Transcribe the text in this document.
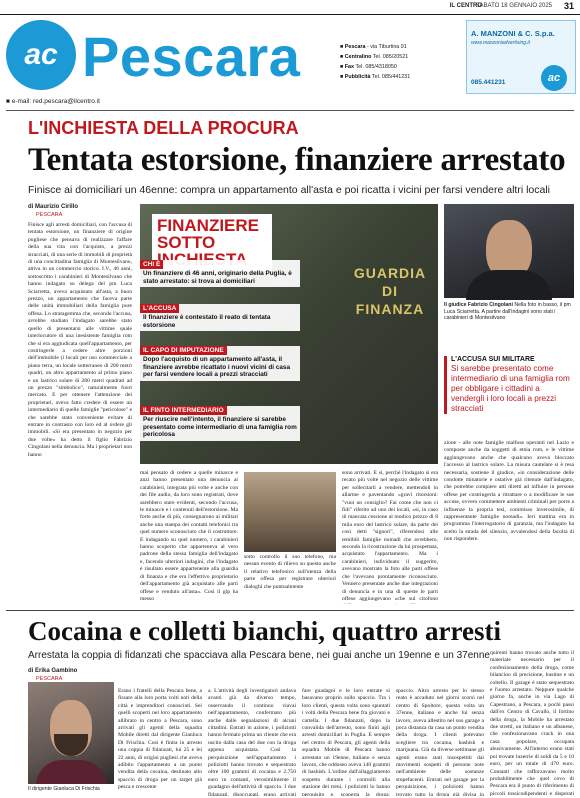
IL CENTRO
SABATO 18 GENNAIO 2025 31
ac Pescara	■ Pescara - via Tiburtina 91
■ Centralino Tel. 085/20521
■ Fax Tel. 085/4318050
■ Pubblicità Tel. 085/441231
A. MANZONI & C. S.p.a.
www.manzoniadvertising.it
085.441231	ac
■ e-mail: red.pescara@ilcentro.it
L'INCHIESTA DELLA PROCURA
Tentata estorsione, finanziere arrestato
Finisce ai domiciliari un 46enne: compra un appartamento all'asta e poi ricatta i vicini per farsi vendere altri locali
di Maurizio Cirillo
PESCARA
Finisce agli arresti domiciliari, con l'accusa di tentata estorsione, un finanziere di origine pugliese che pensava di realizzare l'affare della sua vita con l'acquisto, a prezzi stracciati, di una serie di immobili di proprietà di una concittadina famiglia di Montesilvano, attiva in un commercio storico. I.V., 46 anni, sottoscritto i carabinieri di Montesilvano che hanno indagato su delega del pm Luca Sciarretta, aveva acquistato all'asta, a buon prezzo, un appartamento che faceva parte delle unità immobiliari della famiglia pure offesa. Lo stratagemma che, secondo l'accusa, avrebbe studiato l'indagato sarebbe stato quello di presentarsi alle vittime quale interlocutore di una inesistente famiglia rom che si era aggiudicata quell'appartamento, per costringerle a cedere altre porzioni dell'immobile (i locali per uso commerciale a piano terra, un locale sotterraneo di 200 metri quadri, un altro appartamento al primo piano e un lastrico solare di 280 metri quadrati ad un prezzo "simbolico", naturalmente fuori mercato. E per ottenere l'attenzione dei proprietari, aveva fatto credere di essere un intermediario di quelle famiglie "pericolose" e che sarebbe stato conveniente evitare di entrare in contrasto con loro ed al ordere gli immobili. «Si era presentato in negozio per due volte» ha detto il figlio Fabrizio Cingolani nella denuncia. Ma i proprietari non hanno
FINANZIERE SOTTO
GUARDIA DI FINANZA
CHI È
Un finanziere di 46 anni, originario della Puglia, è stato arrestato: si trova ai domiciliari
L'ACCUSA
Il finanziere è contestato il reato di tentata estorsione
IL CAPO DI IMPUTAZIONE
Dopo l'acquisto di un appartamento all'asta, il finanziere avrebbe ricattato i nuovi vicini di casa per farsi vendere locali a prezzi stracciati
IL FINTO INTERMEDIARIO
Per riuscire nell'intento, il finanziere si sarebbe presentato come intermediario di una famiglia rom pericolosa
Il giudice Fabrizio Cingolani Nella foto in basso, il pm Luca Sciarretta. A partire dall'indagini sono stati i carabinieri di Montesilvano
L'ACCUSA SUI MILITARE
Si sarebbe presentato come intermediario di una famiglia rom per obbligare i cittadini a vendergli i loro locali a prezzi stracciati
zione - alle note famiglie malfose operanti nel Lazio e composte anche da soggetti di etnia rom, e le vittime agglungevano anche che qualcuno aveva bloccato l'accesso al lastrico solare. La misura cautelare si è resa necessaria, sostiene il giudice, «in considerazione delle condotte minatorie e ostative già ritenute dall'indagato, che potrebbe compiere atti diretti ad influire in persone offese per costringerla a ritrattare o a modificare le sue accuse, ovvero commettere ambienti criminali per porre a influenze la propria tesi, commisso inverosimile, di rappresentante famiglie nomadi». Ieri mattina era in programma l'interrogatorio di garanzia, ma l'indagato ha scelto la strada del silenzio, avvalendosi della facoltà di non rispondere.
mai pensato di cedere a quelle minacce e anzi hanno presentato una denuncia ai carabinieri, integrata più volte e anche con dei file audio, da loro sono registrati, dove sarebbero stare evidenti, secondo l'accusa, le minacce e i contenuti dell'estorsione. Ma forte anche di più, consegnarono ai militari anche una stampa dei contatti telefonici tra quel numero sconosciuto che il costruttore. E indagando su quel numero, i carabinieri hanno scoperto che apparteneva al vero padrone della stessa famiglia dell'indagato e, facendo ulteriori indagini, che l'indagato è risultato essere appartenente alla guardia di finanza e che era l'effettivo proprietario dell'appartamento già acquistato alle parti offese e venduto all'asta». Così il gip ha messo
sotto controllo il suo telefono, ma nessun evento di rilievo su questo anche il relativo telefonico sull'utenza della parte offesa per registrare ulteriori dialoghi che puntualmente
sono arrivati. E sì, perché l'indagato si era recato più volte nel negozio delle vittime per sollecitarli a vendere, mettendoli in allarme e paventando «gravi ritorsioni: "vuoi un consiglio? Fai come che non ci fidi" riferito ad uno dei locali, «sì, in caso di mancata cessione al modico prezzo di 8 mila euro del lastrico solare, da parte dei così detti "signori", riferendosi alle temibili famiglie nomadi che avrebbero, secondo la ricostruzione da lui prospettata, acquistato l'appartamento. Ma i carabinieri, individuato il suggerito, avevano mostrato la foto alle parti offese che l'avevano prontamente riconosciuto. Vennero presentate anche due integrazioni di denuncia e in una di queste le parti offese aggiungevano «che sul citofono
Cocaina e colletti bianchi, quattro arresti
Arrestata la coppia di fidanzati che spacciava alla Pescara bene, nei guai anche un 19enne e un 37enne
di Erika Gambino
PESCARA
Il dirigente Gianluca Di Frischia
Erano i fratelli della Pescara bene, a fissare alla loro porta volti noti della città e imprenditori conosciuti. Sei quelli scoperti nel loro appartamento allibrato in centro a Pescara, sono arrivati gli agenti della squadra Mobile diretti dal dirigente Gianluca Di Frischia. Così è finita in arresto una coppia di fidanzati, lui 25 e lei 22 anni, di origini pugliesi che aveva adibito l'appartamento a un punto vendita della cocaina, destinato allo spaccio di droga per un target già pesca e crescente
a. L'attività degli investigatori andava avanti già da diverso tempo, osservando il continuo viavai nell'appartamento, confermato più anche dalle segnalazioni di alcuni cittadini. Entrati in azione, i poliziotti hanno fermato prima un cliente che era uscito dalla casa del due con la droga appena acquistata. Così la perquisizione nell'appartamento i poliziotti hanno trovato e sequestrato oltre 100 grammi di cocaina e 2.750 euro in contanti, verosimilmente il guadagno dell'attività di spaccio. I due fidanzati, disoccupati, erano arrivati
fare guadagni e le loro entrate si basavano proprio sullo spaccio. Tra i loro clienti, questa volta sono spuntati i volti della Pescara bene fra giovani e cartella. I due fidanzati, dopo la convalida dell'arresto, sono finiti agli arresti domiciliari in Puglia. E sempre nel centro di Pescara, gli agenti della squadra Mobile di Pescara hanno arrestato un 19enne, italiano e senza lavoro, che oddoseo aveva 140 grammi di hashish. L'ordine dall'allaggiamento sospetto durante i controlli alla stazione dei treni, i poliziotti lo hanno perquisito e, scoperta la droga,
spaccio. Altro arresto per lo stesso reato è accaduto nel giorni scorsi nel centro di Spoltore, questa volta un 37enne, italiano e anche lui senza lavoro, aveva allestito nel suo garage a poca distanza da casa un punto vendita della droga. I clienti potevano scegliere tra cocaina, hashish e marijuana. Già da diverse settimane gli agenti erano stati insospettiti dai movimenti sospetti di persone note nell'ambiente delle sostanze stupefacenti. Entrati nel garage per la perquisizione, i poliziotti hanno trovato tutto la droga già divisa in
quirenti hanno trovato anche tutto il materiale necessario per il confezionamento della droga, come bilancino di precisione, bustine e un coltello. Il garage è stato sequestrato e l'uomo arrestato. Neppure qualche giorno fa, anche in via Lago di Capestrano, a Pescara, a pochi passi dall'ex Centro di Cavallo, il fortino della droga, la Mobile ha arrestato due stretti, un italiano e un albanese, che confezionavano crack in una casa popolare, occupata abusivamente. All'interno erano stati poi trovate luzerrie di soldi da 5 e 10 euro, per un totale di 470 euro. Contanti che rafforzavano molto probabilmente che quel covo di Pescara era il punto di riferimento di piccoli tossicodipendenti e disperati
